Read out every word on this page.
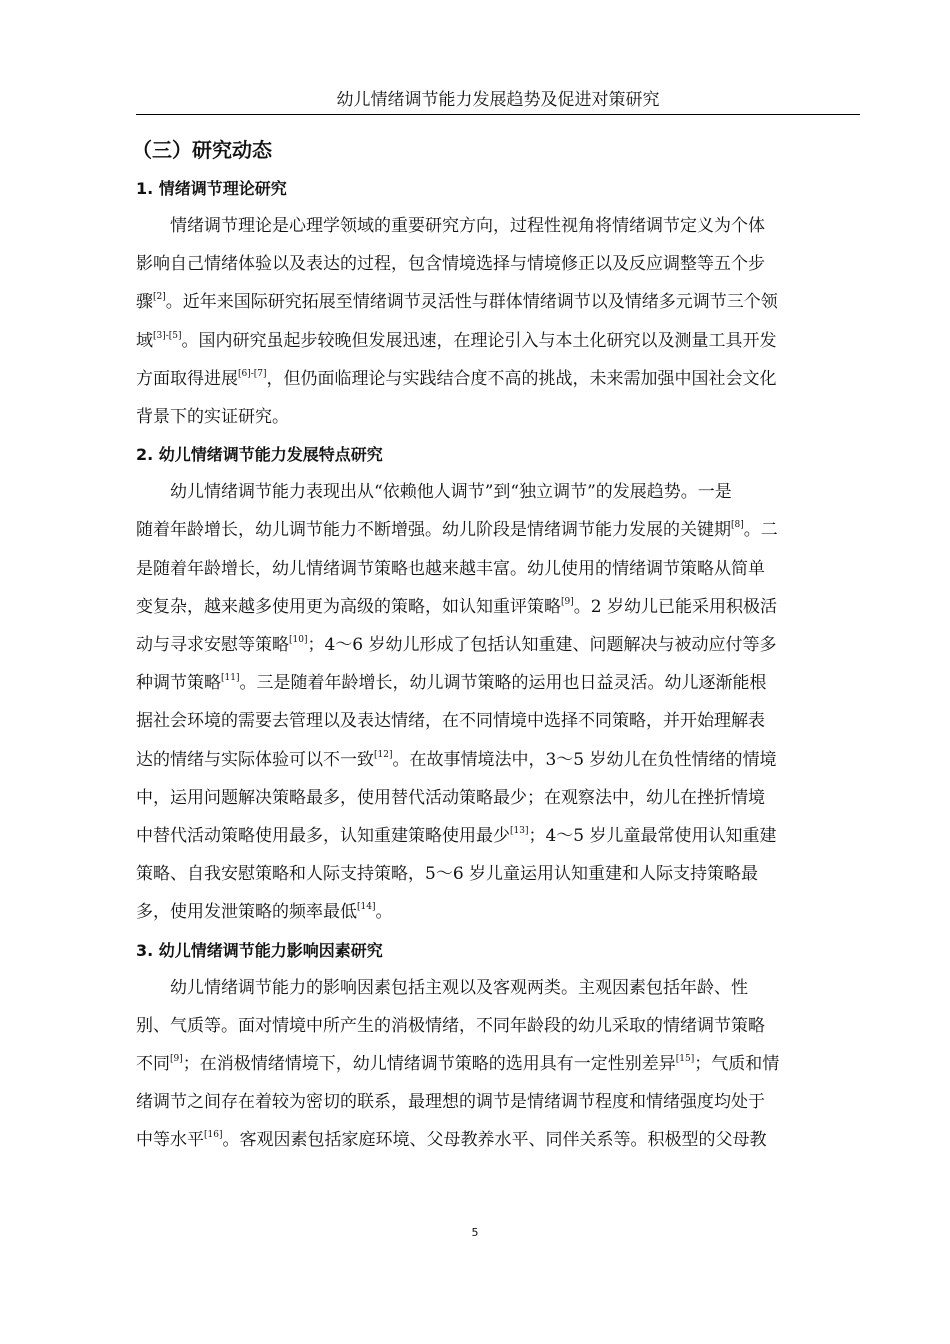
幼儿情绪调节能力发展趋势及促进对策研究
（三）研究动态
1. 情绪调节理论研究

情绪调节理论是心理学领域的重要研究方向，过程性视角将情绪调节定义为个体

影响自己情绪体验以及表达的过程，包含情境选择与情境修正以及反应调整等五个步

骤[2]。近年来国际研究拓展至情绪调节灵活性与群体情绪调节以及情绪多元调节三个领

域[3]-[5]。国内研究虽起步较晚但发展迅速，在理论引入与本土化研究以及测量工具开发

方面取得进展[6]-[7]，但仍面临理论与实践结合度不高的挑战，未来需加强中国社会文化

背景下的实证研究。

2. 幼儿情绪调节能力发展特点研究

幼儿情绪调节能力表现出从“依赖他人调节”到“独立调节”的发展趋势。一是

随着年龄增长，幼儿调节能力不断增强。幼儿阶段是情绪调节能力发展的关键期[8]。二

是随着年龄增长，幼儿情绪调节策略也越来越丰富。幼儿使用的情绪调节策略从简单

变复杂，越来越多使用更为高级的策略，如认知重评策略[9]。2 岁幼儿已能采用积极活

动与寻求安慰等策略[10]；4～6 岁幼儿形成了包括认知重建、问题解决与被动应付等多

种调节策略[11]。三是随着年龄增长，幼儿调节策略的运用也日益灵活。幼儿逐渐能根

据社会环境的需要去管理以及表达情绪，在不同情境中选择不同策略，并开始理解表

达的情绪与实际体验可以不一致[12]。在故事情境法中，3～5 岁幼儿在负性情绪的情境

中，运用问题解决策略最多，使用替代活动策略最少；在观察法中，幼儿在挫折情境

中替代活动策略使用最多，认知重建策略使用最少[13]；4～5 岁儿童最常使用认知重建

策略、自我安慰策略和人际支持策略，5～6 岁儿童运用认知重建和人际支持策略最

多，使用发泄策略的频率最低[14]。

3. 幼儿情绪调节能力影响因素研究

幼儿情绪调节能力的影响因素包括主观以及客观两类。主观因素包括年龄、性

别、气质等。面对情境中所产生的消极情绪，不同年龄段的幼儿采取的情绪调节策略

不同[9]；在消极情绪情境下，幼儿情绪调节策略的选用具有一定性别差异[15]；气质和情

绪调节之间存在着较为密切的联系，最理想的调节是情绪调节程度和情绪强度均处于

中等水平[16]。客观因素包括家庭环境、父母教养水平、同伴关系等。积极型的父母教

5
